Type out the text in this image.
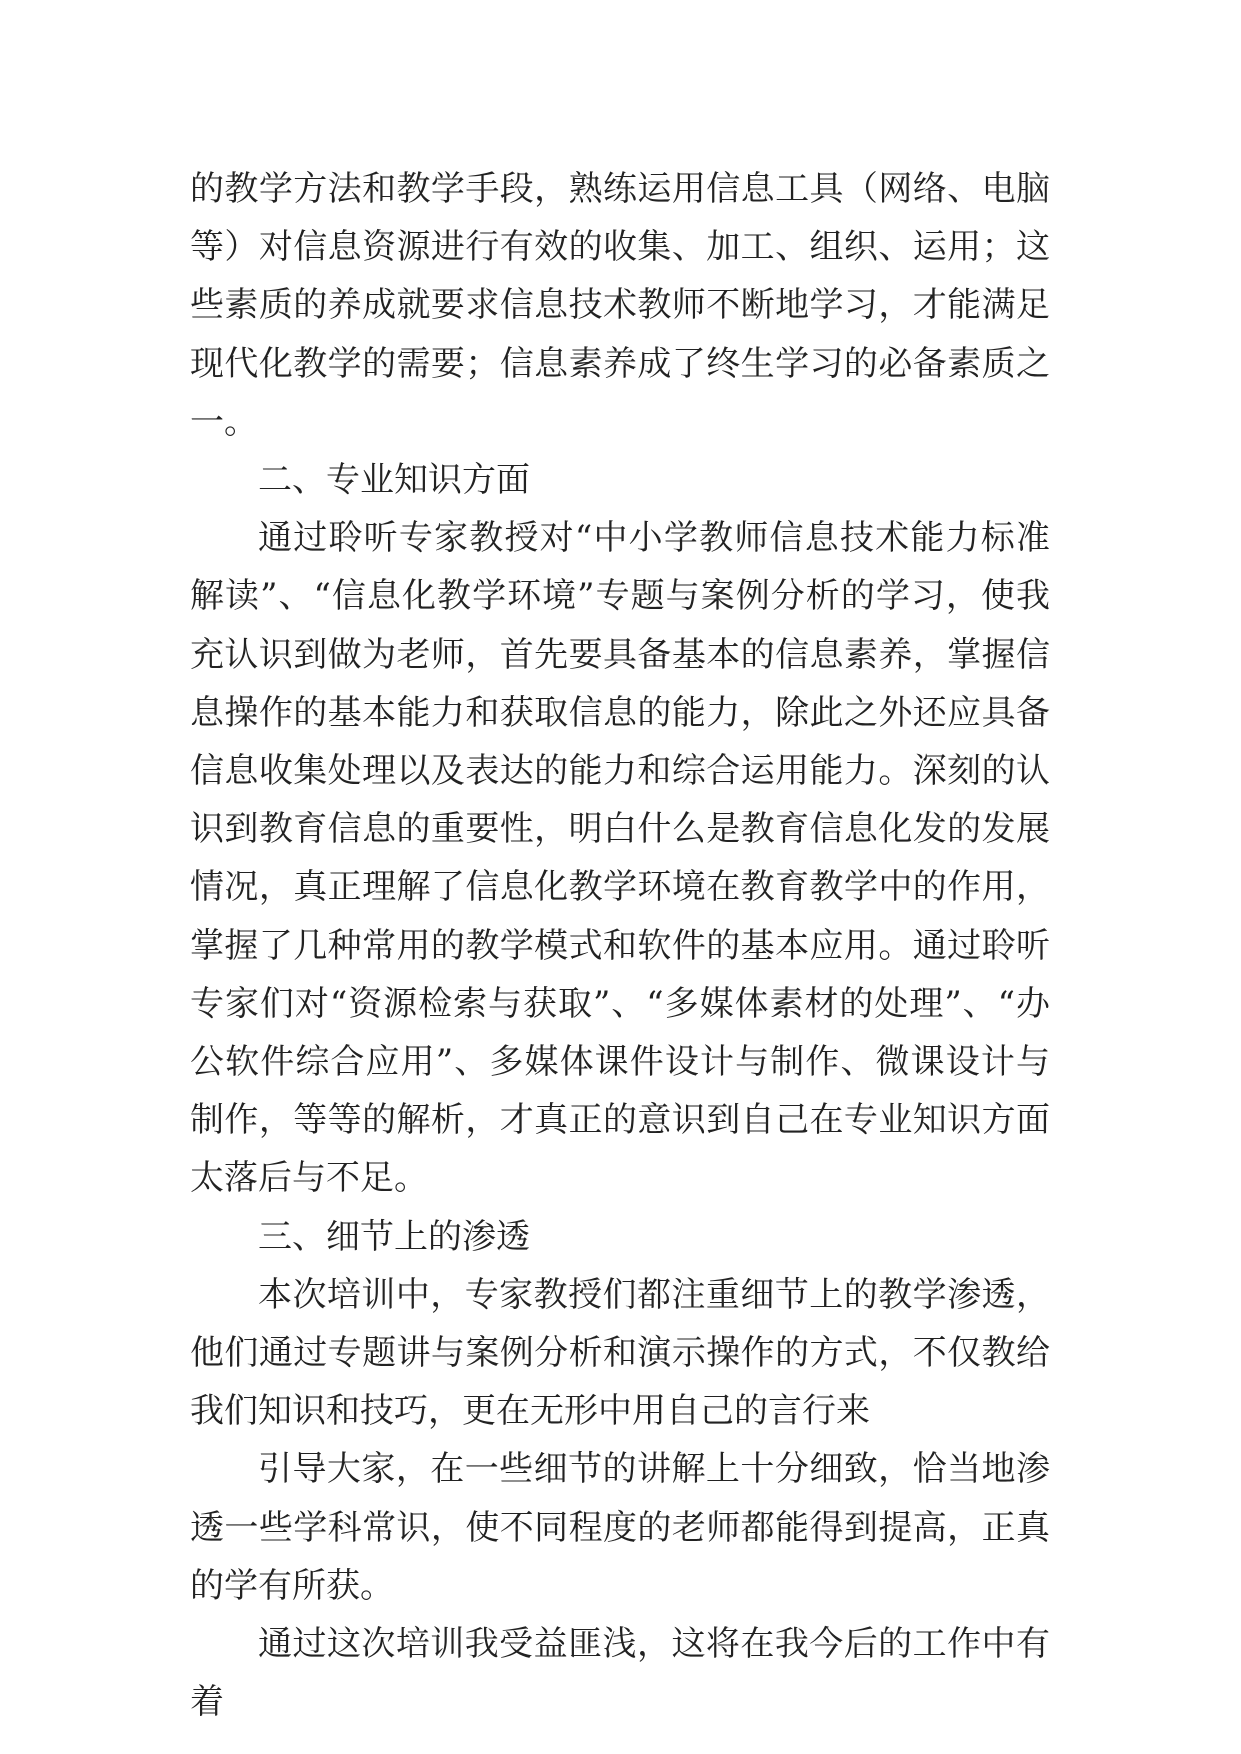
的教学方法和教学手段，熟练运用信息工具（网络、电脑等）对信息资源进行有效的收集、加工、组织、运用；这些素质的养成就要求信息技术教师不断地学习，才能满足现代化教学的需要；信息素养成了终生学习的必备素质之一。

二、专业知识方面

通过聆听专家教授对“中小学教师信息技术能力标准解读”、“信息化教学环境”专题与案例分析的学习，使我充认识到做为老师，首先要具备基本的信息素养，掌握信息操作的基本能力和获取信息的能力，除此之外还应具备信息收集处理以及表达的能力和综合运用能力。深刻的认识到教育信息的重要性，明白什么是教育信息化发的发展情况，真正理解了信息化教学环境在教育教学中的作用，掌握了几种常用的教学模式和软件的基本应用。通过聆听专家们对“资源检索与获取”、“多媒体素材的处理”、“办公软件综合应用”、多媒体课件设计与制作、微课设计与制作，等等的解析，才真正的意识到自己在专业知识方面太落后与不足。

三、细节上的渗透

本次培训中，专家教授们都注重细节上的教学渗透，他们通过专题讲与案例分析和演示操作的方式，不仅教给我们知识和技巧，更在无形中用自己的言行来

引导大家，在一些细节的讲解上十分细致，恰当地渗透一些学科常识，使不同程度的老师都能得到提高，正真的学有所获。

通过这次培训我受益匪浅，这将在我今后的工作中有着
